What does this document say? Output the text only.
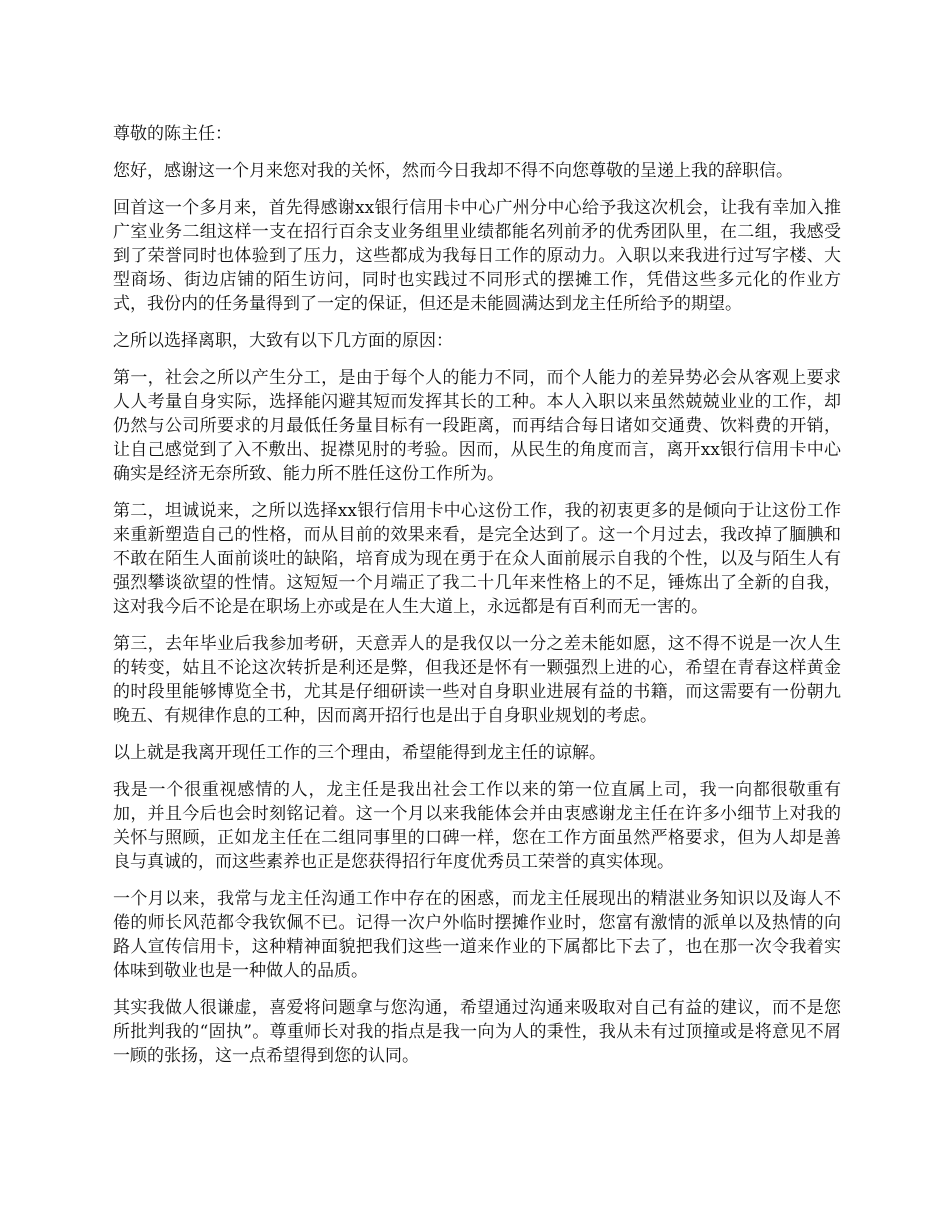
尊敬的陈主任：

您好，感谢这一个月来您对我的关怀，然而今日我却不得不向您尊敬的呈递上我的辞职信。

回首这一个多月来，首先得感谢xx银行信用卡中心广州分中心给予我这次机会，让我有幸加入推广室业务二组这样一支在招行百余支业务组里业绩都能名列前矛的优秀团队里，在二组，我感受到了荣誉同时也体验到了压力，这些都成为我每日工作的原动力。入职以来我进行过写字楼、大型商场、街边店铺的陌生访问，同时也实践过不同形式的摆摊工作，凭借这些多元化的作业方式，我份内的任务量得到了一定的保证，但还是未能圆满达到龙主任所给予的期望。

之所以选择离职，大致有以下几方面的原因：

第一，社会之所以产生分工，是由于每个人的能力不同，而个人能力的差异势必会从客观上要求人人考量自身实际，选择能闪避其短而发挥其长的工种。本人入职以来虽然兢兢业业的工作，却仍然与公司所要求的月最低任务量目标有一段距离，而再结合每日诸如交通费、饮料费的开销，让自己感觉到了入不敷出、捉襟见肘的考验。因而，从民生的角度而言，离开xx银行信用卡中心确实是经济无奈所致、能力所不胜任这份工作所为。

第二，坦诚说来，之所以选择xx银行信用卡中心这份工作，我的初衷更多的是倾向于让这份工作来重新塑造自己的性格，而从目前的效果来看，是完全达到了。这一个月过去，我改掉了腼腆和不敢在陌生人面前谈吐的缺陷，培育成为现在勇于在众人面前展示自我的个性，以及与陌生人有强烈攀谈欲望的性情。这短短一个月端正了我二十几年来性格上的不足，锤炼出了全新的自我，这对我今后不论是在职场上亦或是在人生大道上，永远都是有百利而无一害的。

第三，去年毕业后我参加考研，天意弄人的是我仅以一分之差未能如愿，这不得不说是一次人生的转变，姑且不论这次转折是利还是弊，但我还是怀有一颗强烈上进的心，希望在青春这样黄金的时段里能够博览全书，尤其是仔细研读一些对自身职业进展有益的书籍，而这需要有一份朝九晚五、有规律作息的工种，因而离开招行也是出于自身职业规划的考虑。

以上就是我离开现任工作的三个理由，希望能得到龙主任的谅解。

我是一个很重视感情的人，龙主任是我出社会工作以来的第一位直属上司，我一向都很敬重有加，并且今后也会时刻铭记着。这一个月以来我能体会并由衷感谢龙主任在许多小细节上对我的关怀与照顾，正如龙主任在二组同事里的口碑一样，您在工作方面虽然严格要求，但为人却是善良与真诚的，而这些素养也正是您获得招行年度优秀员工荣誉的真实体现。

一个月以来，我常与龙主任沟通工作中存在的困惑，而龙主任展现出的精湛业务知识以及诲人不倦的师长风范都令我钦佩不已。记得一次户外临时摆摊作业时，您富有激情的派单以及热情的向路人宣传信用卡，这种精神面貌把我们这些一道来作业的下属都比下去了，也在那一次令我着实体味到敬业也是一种做人的品质。

其实我做人很谦虚，喜爱将问题拿与您沟通，希望通过沟通来吸取对自己有益的建议，而不是您所批判我的“固执”。尊重师长对我的指点是我一向为人的秉性，我从未有过顶撞或是将意见不屑一顾的张扬，这一点希望得到您的认同。
